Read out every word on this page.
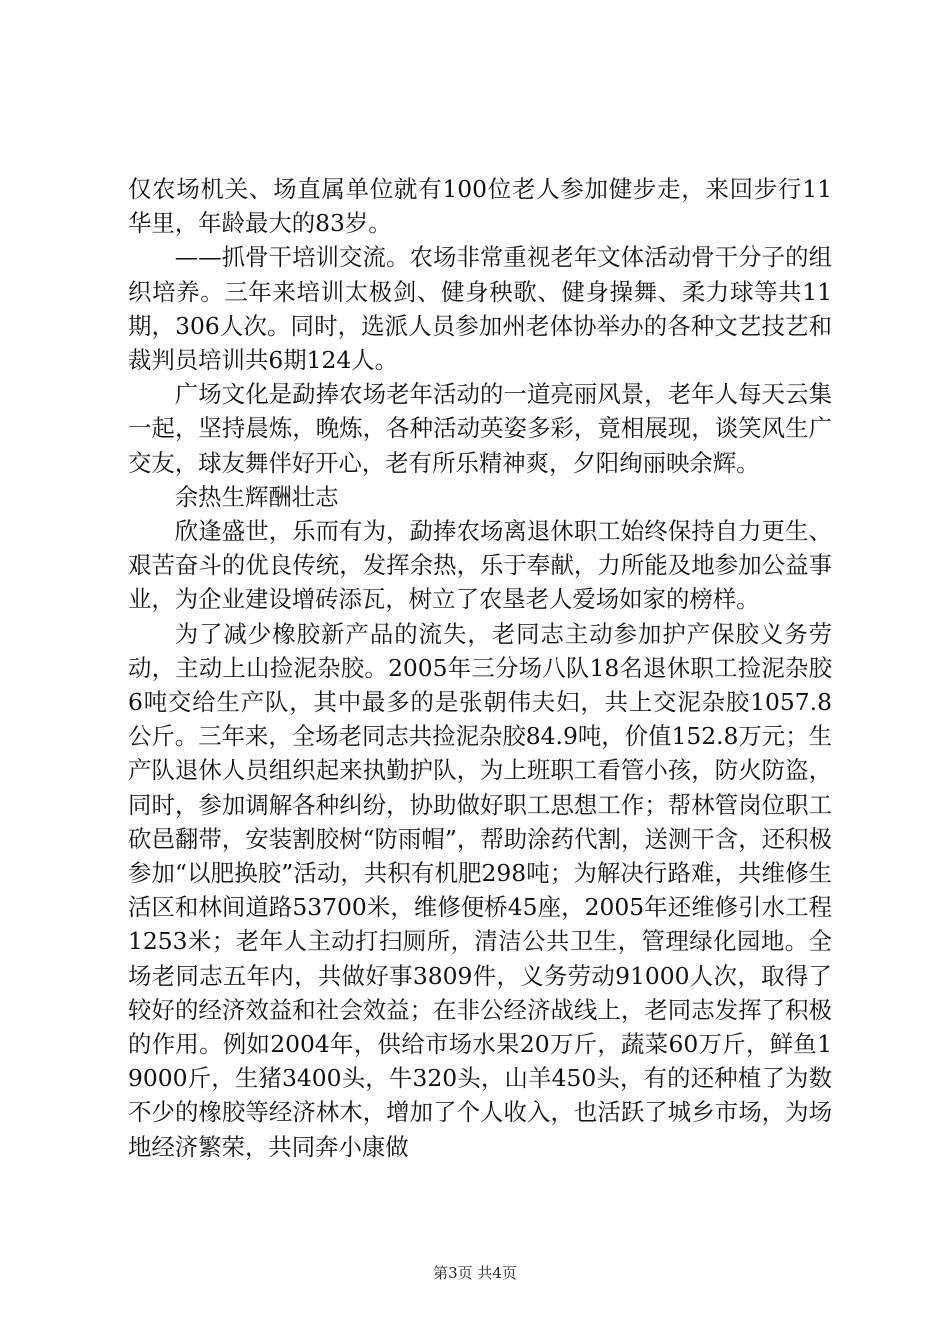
仅农场机关、场直属单位就有100位老人参加健步走，来回步行11华里，年龄最大的83岁。

——抓骨干培训交流。农场非常重视老年文体活动骨干分子的组织培养。三年来培训太极剑、健身秧歌、健身操舞、柔力球等共11期，306人次。同时，选派人员参加州老体协举办的各种文艺技艺和裁判员培训共6期124人。

广场文化是勐捧农场老年活动的一道亮丽风景，老年人每天云集一起，坚持晨炼，晚炼，各种活动英姿多彩，竟相展现，谈笑风生广交友，球友舞伴好开心，老有所乐精神爽，夕阳绚丽映余辉。

余热生辉酬壮志

欣逢盛世，乐而有为，勐捧农场离退休职工始终保持自力更生、艰苦奋斗的优良传统，发挥余热，乐于奉献，力所能及地参加公益事业，为企业建设增砖添瓦，树立了农垦老人爱场如家的榜样。

为了减少橡胶新产品的流失，老同志主动参加护产保胶义务劳动，主动上山捡泥杂胶。2005年三分场八队18名退休职工捡泥杂胶6吨交给生产队，其中最多的是张朝伟夫妇，共上交泥杂胶1057.8公斤。三年来，全场老同志共捡泥杂胶84.9吨，价值152.8万元；生产队退休人员组织起来执勤护队，为上班职工看管小孩，防火防盗，同时，参加调解各种纠纷，协助做好职工思想工作；帮林管岗位职工砍邑翻带，安装割胶树“防雨帽”，帮助涂药代割，送测干含，还积极参加“以肥换胶”活动，共积有机肥298吨；为解决行路难，共维修生活区和林间道路53700米，维修便桥45座，2005年还维修引水工程1253米；老年人主动打扫厕所，清洁公共卫生，管理绿化园地。全场老同志五年内，共做好事3809件，义务劳动91000人次，取得了较好的经济效益和社会效益；在非公经济战线上，老同志发挥了积极的作用。例如2004年，供给市场水果20万斤，蔬菜60万斤，鲜鱼19000斤，生猪3400头，牛320头，山羊450头，有的还种植了为数不少的橡胶等经济林木，增加了个人收入，也活跃了城乡市场，为场地经济繁荣，共同奔小康做

第3页 共4页
